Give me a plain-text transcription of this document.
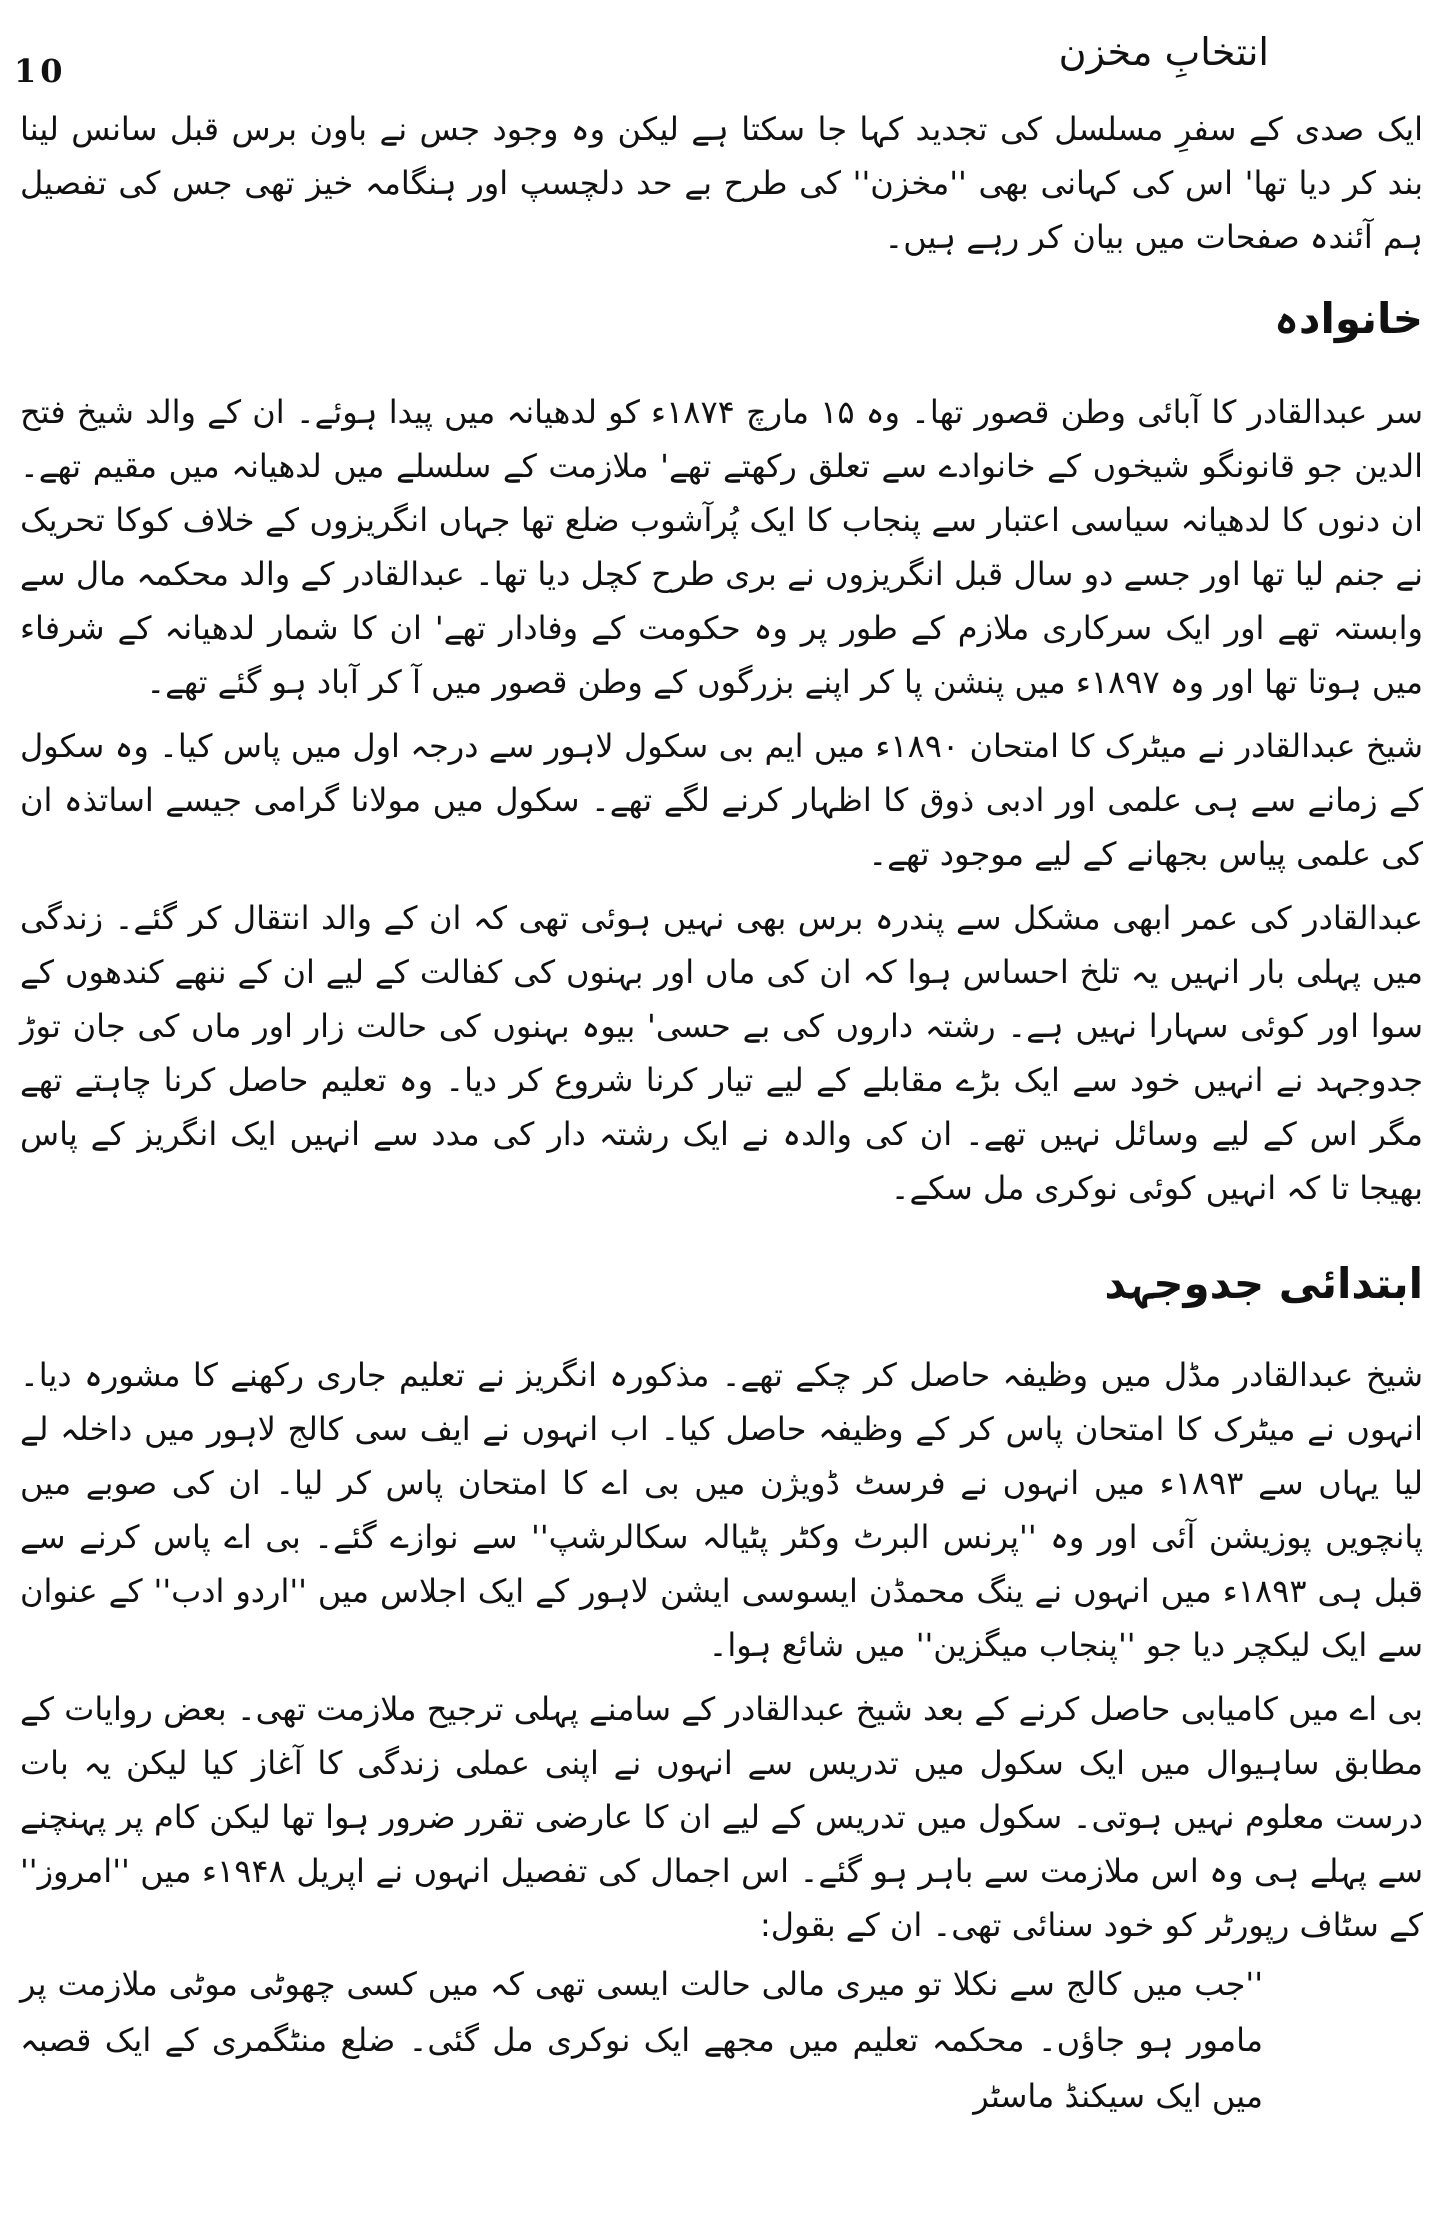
10	انتخابِ مخزن

ایک صدی کے سفرِ مسلسل کی تجدید کہا جا سکتا ہے لیکن وہ وجود جس نے باون برس قبل سانس لینا بند کر دیا تھا' اس کی کہانی بھی ''مخزن'' کی طرح بے حد دلچسپ اور ہنگامہ خیز تھی جس کی تفصیل ہم آئندہ صفحات میں بیان کر رہے ہیں۔

خانوادہ

سر عبدالقادر کا آبائی وطن قصور تھا۔ وہ ۱۵ مارچ ۱۸۷۴ء کو لدھیانہ میں پیدا ہوئے۔ ان کے والد شیخ فتح الدین جو قانونگو شیخوں کے خانوادے سے تعلق رکھتے تھے' ملازمت کے سلسلے میں لدھیانہ میں مقیم تھے۔ ان دنوں کا لدھیانہ سیاسی اعتبار سے پنجاب کا ایک پُرآشوب ضلع تھا جہاں انگریزوں کے خلاف کوکا تحریک نے جنم لیا تھا اور جسے دو سال قبل انگریزوں نے بری طرح کچل دیا تھا۔ عبدالقادر کے والد محکمہ مال سے وابستہ تھے اور ایک سرکاری ملازم کے طور پر وہ حکومت کے وفادار تھے' ان کا شمار لدھیانہ کے شرفاء میں ہوتا تھا اور وہ ۱۸۹۷ء میں پنشن پا کر اپنے بزرگوں کے وطن قصور میں آ کر آباد ہو گئے تھے۔

شیخ عبدالقادر نے میٹرک کا امتحان ۱۸۹۰ء میں ایم بی سکول لاہور سے درجہ اول میں پاس کیا۔ وہ سکول کے زمانے سے ہی علمی اور ادبی ذوق کا اظہار کرنے لگے تھے۔ سکول میں مولانا گرامی جیسے اساتذہ ان کی علمی پیاس بجھانے کے لیے موجود تھے۔

عبدالقادر کی عمر ابھی مشکل سے پندرہ برس بھی نہیں ہوئی تھی کہ ان کے والد انتقال کر گئے۔ زندگی میں پہلی بار انہیں یہ تلخ احساس ہوا کہ ان کی ماں اور بہنوں کی کفالت کے لیے ان کے ننھے کندھوں کے سوا اور کوئی سہارا نہیں ہے۔ رشتہ داروں کی بے حسی' بیوہ بہنوں کی حالت زار اور ماں کی جان توڑ جدوجہد نے انہیں خود سے ایک بڑے مقابلے کے لیے تیار کرنا شروع کر دیا۔ وہ تعلیم حاصل کرنا چاہتے تھے مگر اس کے لیے وسائل نہیں تھے۔ ان کی والدہ نے ایک رشتہ دار کی مدد سے انہیں ایک انگریز کے پاس بھیجا تا کہ انہیں کوئی نوکری مل سکے۔

ابتدائی جدوجہد

شیخ عبدالقادر مڈل میں وظیفہ حاصل کر چکے تھے۔ مذکورہ انگریز نے تعلیم جاری رکھنے کا مشورہ دیا۔ انہوں نے میٹرک کا امتحان پاس کر کے وظیفہ حاصل کیا۔ اب انہوں نے ایف سی کالج لاہور میں داخلہ لے لیا یہاں سے ۱۸۹۳ء میں انہوں نے فرسٹ ڈویژن میں بی اے کا امتحان پاس کر لیا۔ ان کی صوبے میں پانچویں پوزیشن آئی اور وہ ''پرنس البرٹ وکٹر پٹیالہ سکالرشپ'' سے نوازے گئے۔ بی اے پاس کرنے سے قبل ہی ۱۸۹۳ء میں انہوں نے ینگ محمڈن ایسوسی ایشن لاہور کے ایک اجلاس میں ''اردو ادب'' کے عنوان سے ایک لیکچر دیا جو ''پنجاب میگزین'' میں شائع ہوا۔

بی اے میں کامیابی حاصل کرنے کے بعد شیخ عبدالقادر کے سامنے پہلی ترجیح ملازمت تھی۔ بعض روایات کے مطابق ساہیوال میں ایک سکول میں تدریس سے انہوں نے اپنی عملی زندگی کا آغاز کیا لیکن یہ بات درست معلوم نہیں ہوتی۔ سکول میں تدریس کے لیے ان کا عارضی تقرر ضرور ہوا تھا لیکن کام پر پہنچنے سے پہلے ہی وہ اس ملازمت سے باہر ہو گئے۔ اس اجمال کی تفصیل انہوں نے اپریل ۱۹۴۸ء میں ''امروز'' کے سٹاف رپورٹر کو خود سنائی تھی۔ ان کے بقول:

''جب میں کالج سے نکلا تو میری مالی حالت ایسی تھی کہ میں کسی چھوٹی موٹی ملازمت پر مامور ہو جاؤں۔ محکمہ تعلیم میں مجھے ایک نوکری مل گئی۔ ضلع منٹگمری کے ایک قصبہ میں ایک سیکنڈ ماسٹر
